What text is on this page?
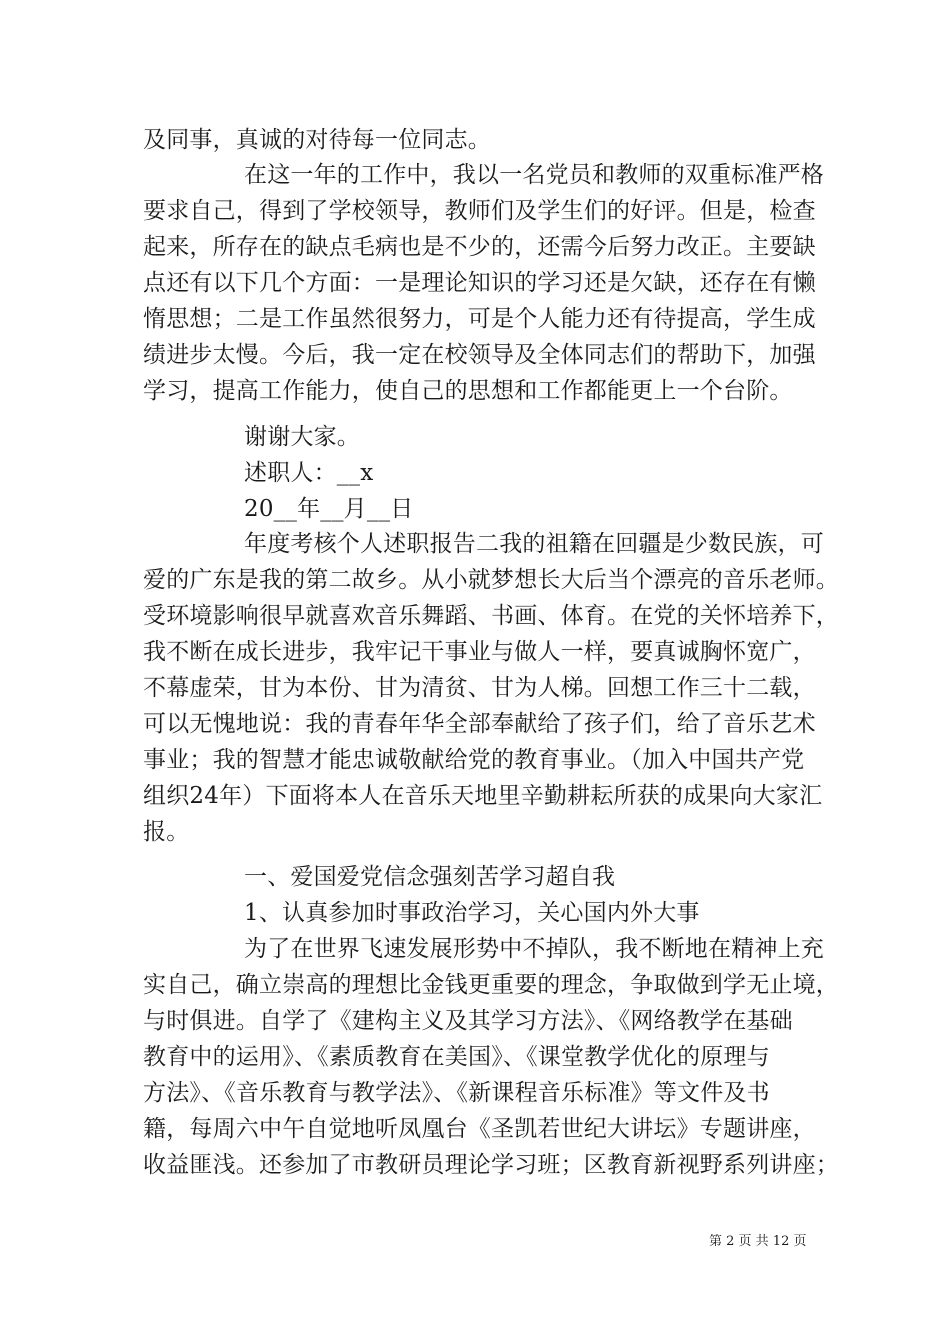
及同事，真诚的对待每一位同志。
在这一年的工作中，我以一名党员和教师的双重标准严格
要求自己，得到了学校领导，教师们及学生们的好评。但是，检查
起来，所存在的缺点毛病也是不少的，还需今后努力改正。主要缺
点还有以下几个方面：一是理论知识的学习还是欠缺，还存在有懒
惰思想；二是工作虽然很努力，可是个人能力还有待提高，学生成
绩进步太慢。今后，我一定在校领导及全体同志们的帮助下，加强
学习，提高工作能力，使自己的思想和工作都能更上一个台阶。
谢谢大家。
述职人：__x
20__年__月__日
年度考核个人述职报告二我的祖籍在回疆是少数民族，可
爱的广东是我的第二故乡。从小就梦想长大后当个漂亮的音乐老师。
受环境影响很早就喜欢音乐舞蹈、书画、体育。在党的关怀培养下，
我不断在成长进步，我牢记干事业与做人一样，要真诚胸怀宽广，
不幕虚荣，甘为本份、甘为清贫、甘为人梯。回想工作三十二载，
可以无愧地说：我的青春年华全部奉献给了孩子们，给了音乐艺术
事业；我的智慧才能忠诚敬献给党的教育事业。（加入中国共产党
组织24年）下面将本人在音乐天地里辛勤耕耘所获的成果向大家汇
报。
一、爱国爱党信念强刻苦学习超自我
1、认真参加时事政治学习，关心国内外大事
为了在世界飞速发展形势中不掉队，我不断地在精神上充
实自己，确立崇高的理想比金钱更重要的理念，争取做到学无止境，
与时俱进。自学了《建构主义及其学习方法》、《网络教学在基础
教育中的运用》、《素质教育在美国》、《课堂教学优化的原理与
方法》、《音乐教育与教学法》、《新课程音乐标准》等文件及书
籍，每周六中午自觉地听凤凰台《圣凯若世纪大讲坛》专题讲座，
收益匪浅。还参加了市教研员理论学习班；区教育新视野系列讲座；
第 2 页 共 12 页
